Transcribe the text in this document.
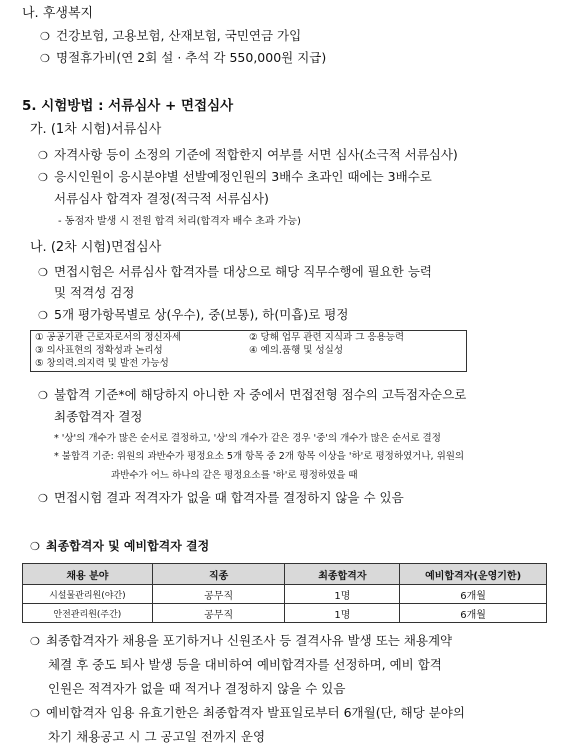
나. 후생복지
❍ 건강보험, 고용보험, 산재보험, 국민연금 가입
❍ 명절휴가비(연 2회 설 · 추석 각 550,000원 지급)
5. 시험방법 : 서류심사 + 면접심사
가. (1차 시험)서류심사
❍ 자격사항 등이 소정의 기준에 적합한지 여부를 서면 심사(소극적 서류심사)
❍ 응시인원이 응시분야별 선발예정인원의 3배수 초과인 때에는 3배수로
서류심사 합격자 결정(적극적 서류심사)
- 동점자 발생 시 전원 합격 처리(합격자 배수 초과 가능)
나. (2차 시험)면접심사
❍ 면접시험은 서류심사 합격자를 대상으로 해당 직무수행에 필요한 능력
및 적격성 검정
❍ 5개 평가항목별로 상(우수), 중(보통), 하(미흡)로 평정
① 공공기관 근로자로서의 정신자세	② 당해 업무 관련 지식과 그 응용능력
③ 의사표현의 정확성과 논리성	④ 예의.품행 및 성실성
⑤ 창의력.의지력 및 발전 가능성
❍ 불합격 기준*에 해당하지 아니한 자 중에서 면접전형 점수의 고득점자순으로
최종합격자 결정
* '상'의 개수가 많은 순서로 결정하고, '상'의 개수가 같은 경우 '중'의 개수가 많은 순서로 결정
* 불합격 기준: 위원의 과반수가 평정요소 5개 항목 중 2개 항목 이상을 '하'로 평정하였거나, 위원의
과반수가 어느 하나의 같은 평정요소를 '하'로 평정하였을 때
❍ 면접시험 결과 적격자가 없을 때 합격자를 결정하지 않을 수 있음
❍ 최종합격자 및 예비합격자 결정
채용 분야	직종	최종합격자	예비합격자(운영기한)
시설물관리원(야간)	공무직	1명	6개월
안전관리원(주간)	공무직	1명	6개월
❍ 최종합격자가 채용을 포기하거나 신원조사 등 결격사유 발생 또는 채용계약
체결 후 중도 퇴사 발생 등을 대비하여 예비합격자를 선정하며, 예비 합격
인원은 적격자가 없을 때 적거나 결정하지 않을 수 있음
❍ 예비합격자 임용 유효기한은 최종합격자 발표일로부터 6개월(단, 해당 분야의
차기 채용공고 시 그 공고일 전까지 운영
